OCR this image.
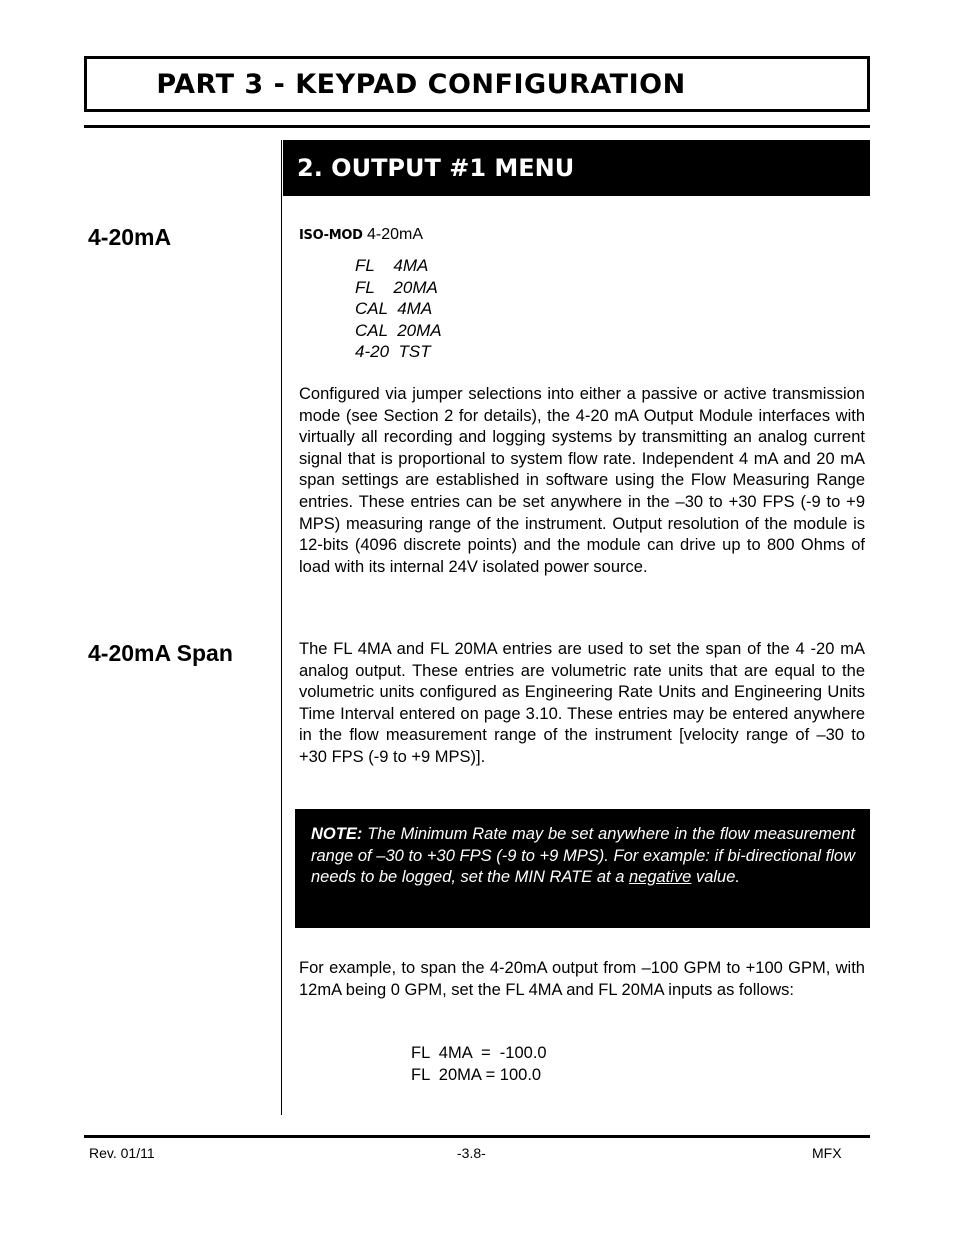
PART 3 - KEYPAD CONFIGURATION
2. OUTPUT #1 MENU
4-20mA
4-20mA Span
ISO-MOD 4-20mA
FL    4MA
FL    20MA
CAL  4MA
CAL  20MA
4-20  TST

Configured via jumper selections into either a passive or active transmission mode (see Section 2 for details), the 4-20 mA Output Module interfaces with virtually all recording and logging systems by transmitting an analog current signal that is proportional to system flow rate. Independent 4 mA and 20 mA span settings are established in software using the Flow Measuring Range entries. These entries can be set anywhere in the –30 to +30 FPS (-9 to +9 MPS) measuring range of the instrument. Output resolution of the module is 12-bits (4096 discrete points) and the module can drive up to 800 Ohms of load with its internal 24V isolated power source.

The FL 4MA and FL 20MA entries are used to set the span of the 4 -20 mA analog output. These entries are volumetric rate units that are equal to the volumetric units configured as Engineering Rate Units and Engineering Units Time Interval entered on page 3.10. These entries may be entered anywhere in the flow measurement range of the instrument [velocity range of –30 to +30 FPS (-9 to +9 MPS)].

NOTE: The Minimum Rate may be set anywhere in the flow measurement range of –30 to +30 FPS (-9 to +9 MPS). For example: if bi-directional flow needs to be logged, set the MIN RATE at a negative value.

For example, to span the 4-20mA output from –100 GPM to +100 GPM, with 12mA being 0 GPM, set the FL 4MA and FL 20MA inputs as follows:

FL  4MA  =  -100.0
FL  20MA = 100.0
Rev. 01/11	-3.8-	MFX
